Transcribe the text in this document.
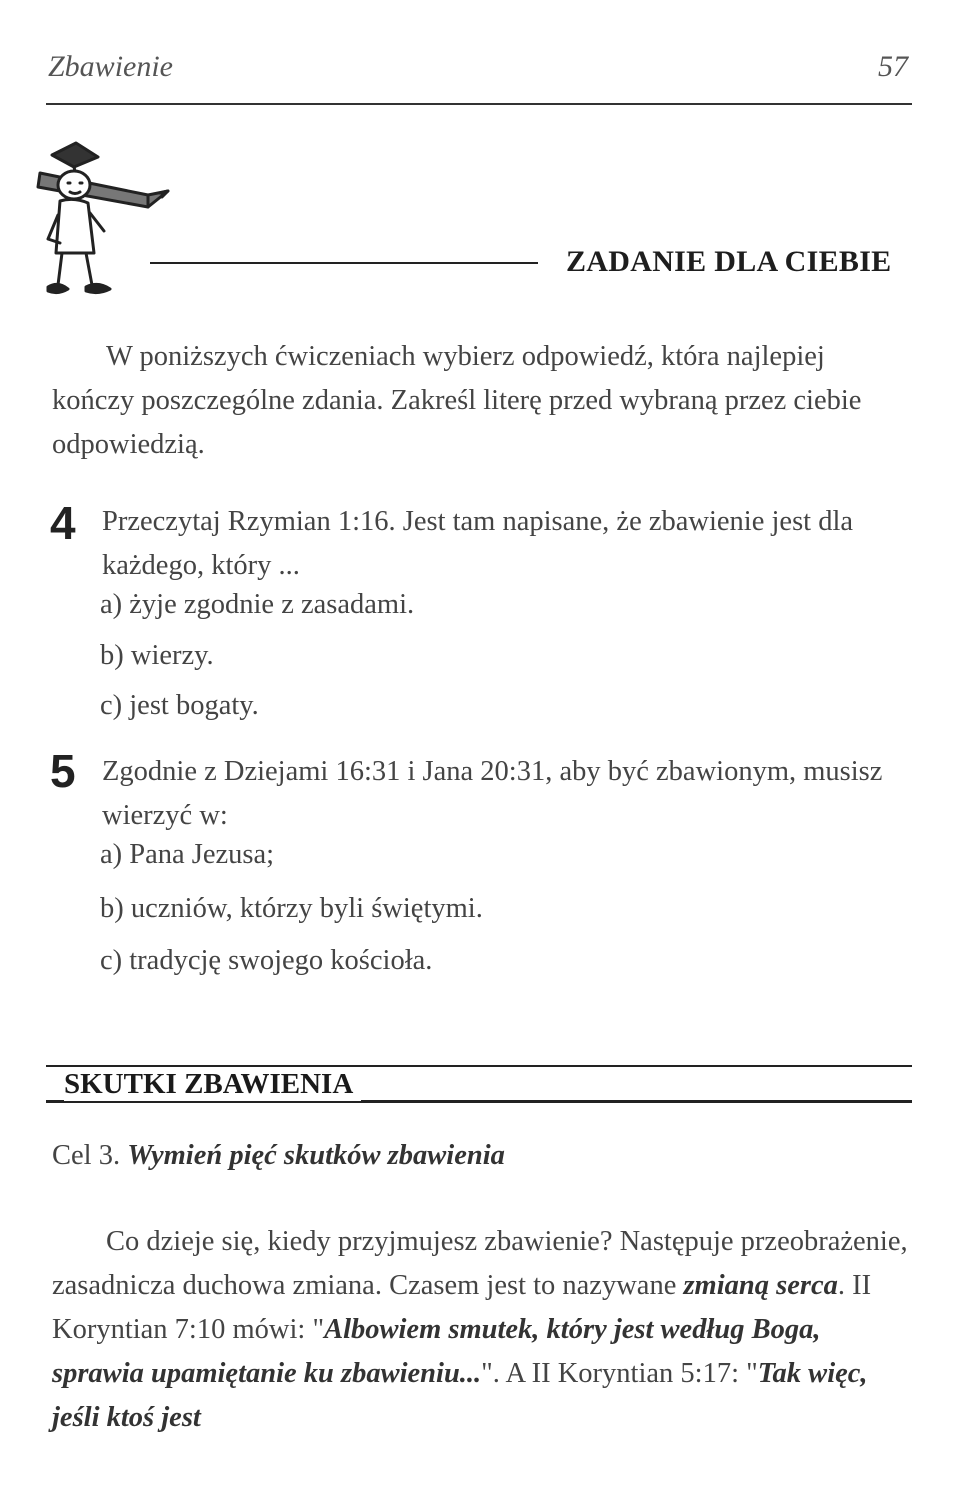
Zbawienie	57
ZADANIE DLA CIEBIE

W poniższych ćwiczeniach wybierz odpowiedź, która najlepiej kończy poszczególne zdania. Zakreśl literę przed wybraną przez ciebie odpowiedzią.

4 Przeczytaj Rzymian 1:16. Jest tam napisane, że zbawienie jest dla każdego, który ...

a) żyje zgodnie z zasadami.
b) wierzy.
c) jest bogaty.
5 Zgodnie z Dziejami 16:31 i Jana 20:31, aby być zbawionym, musisz wierzyć w:

a) Pana Jezusa;
b) uczniów, którzy byli świętymi.
c) tradycję swojego kościoła.
SKUTKI ZBAWIENIA
Cel 3. Wymień pięć skutków zbawienia

Co dzieje się, kiedy przyjmujesz zbawienie? Następuje przeobrażenie, zasadnicza duchowa zmiana. Czasem jest to nazywane zmianą serca. II Koryntian 7:10 mówi: "Albowiem smutek, który jest według Boga, sprawia upamiętanie ku zbawieniu...". A II Koryntian 5:17: "Tak więc, jeśli ktoś jest
